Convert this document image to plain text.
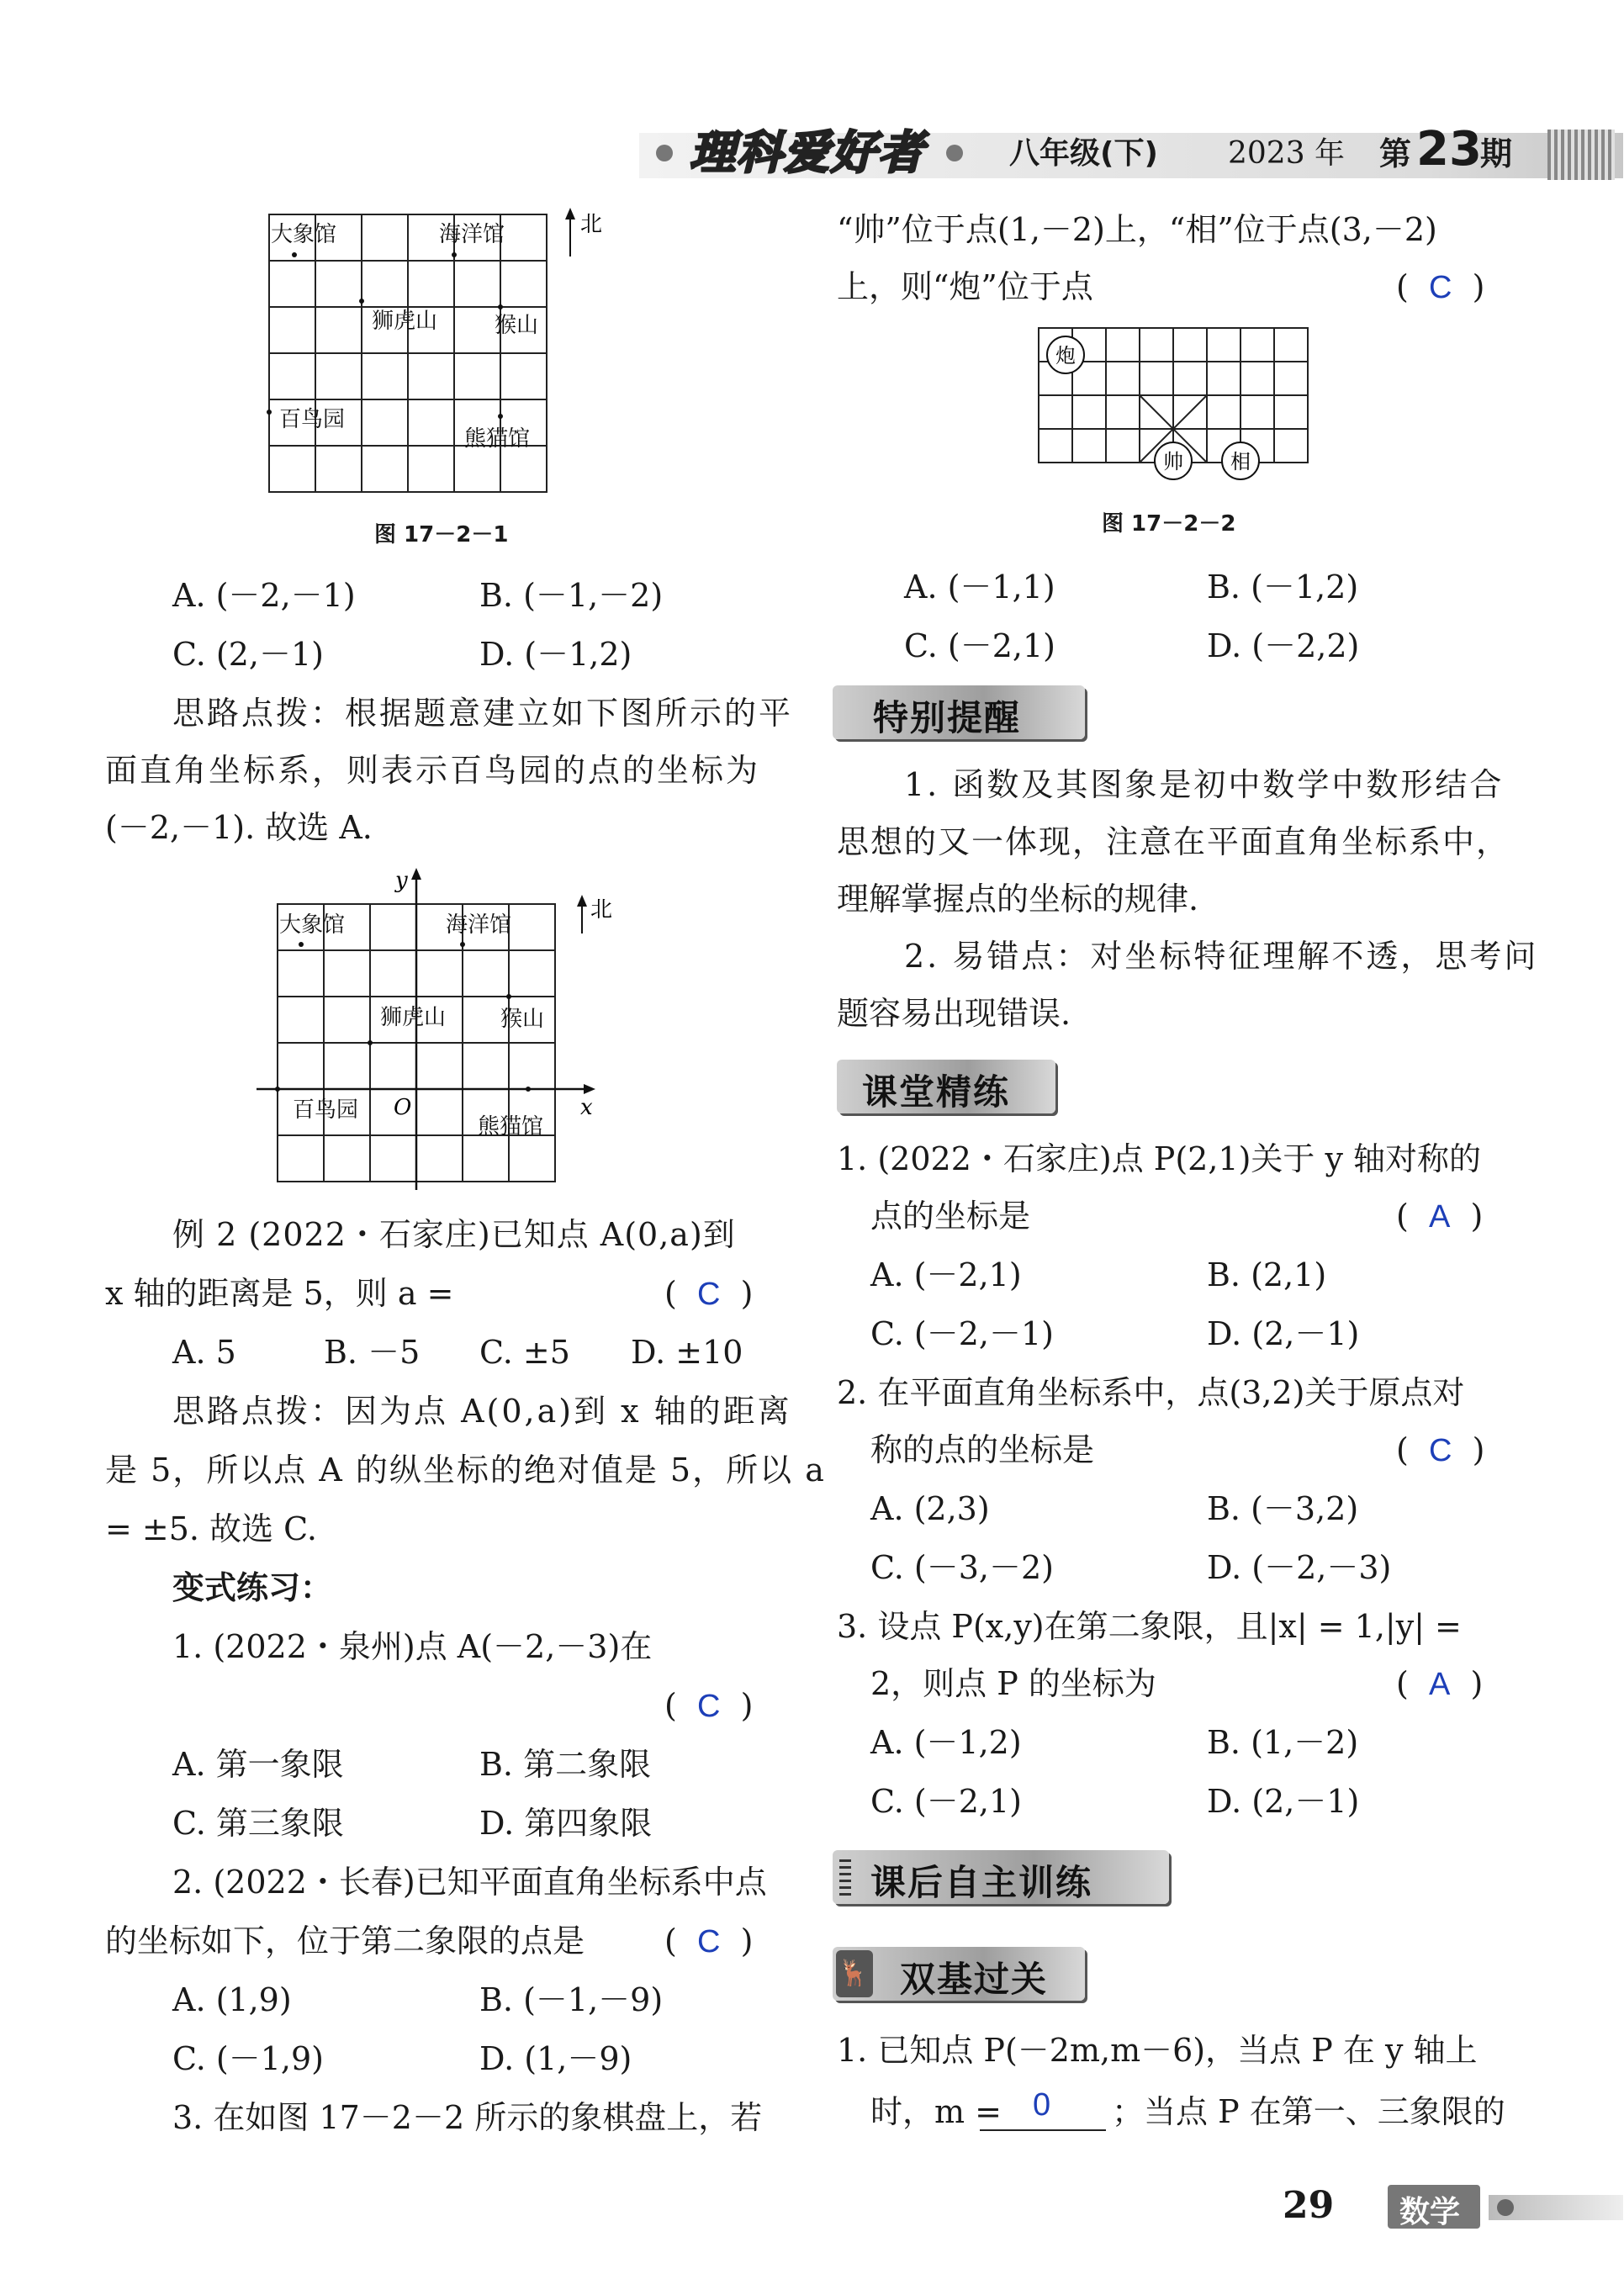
理科爱好者	八年级(下) 2023 年 第 23
期
大象馆	海洋馆
狮虎山	猴山
百鸟园
熊猫馆
北
图 17－2－1
A. (－2,－1)	B. (－1,－2)
C. (2,－1)	D. (－1,2)
思路点拨：根据题意建立如下图所示的平
面直角坐标系，则表示百鸟园的点的坐标为
(－2,－1). 故选 A.
y
x
O
大象馆	海洋馆
狮虎山 猴山
百鸟园
熊猫馆
北
例 2 (2022・石家庄)已知点 A(0,a)到
x 轴的距离是 5，则 a =	(  C  )
A. 5	B. －5 C. ±5 D. ±10
思路点拨：因为点 A(0,a)到 x 轴的距离
是 5，所以点 A 的纵坐标的绝对值是 5，所以 a
= ±5. 故选 C.
变式练习：
1. (2022・泉州)点 A(－2,－3)在
(  C  )
A. 第一象限	B. 第二象限
C. 第三象限	D. 第四象限
2. (2022・长春)已知平面直角坐标系中点
的坐标如下，位于第二象限的点是 (  C  )
A. (1,9)	B. (－1,－9)
C. (－1,9)	D. (1,－9)
3. 在如图 17－2－2 所示的象棋盘上，若
“帅”位于点(1,－2)上，“相”位于点(3,－2)
上，则“炮”位于点	(  C  )
炮
帅 相
图 17－2－2
A. (－1,1)	B. (－1,2)
C. (－2,1)	D. (－2,2)
特别提醒
1. 函数及其图象是初中数学中数形结合
思想的又一体现，注意在平面直角坐标系中，
理解掌握点的坐标的规律.
2. 易错点：对坐标特征理解不透，思考问
题容易出现错误.
课堂精练
1. (2022・石家庄)点 P(2,1)关于 y 轴对称的
点的坐标是	(  A  )
A. (－2,1)	B. (2,1)
C. (－2,－1)	D. (2,－1)
2. 在平面直角坐标系中，点(3,2)关于原点对
称的点的坐标是	(  C  )
A. (2,3)	B. (－3,2)
C. (－3,－2)	D. (－2,－3)
3. 设点 P(x,y)在第二象限，且|x| = 1,|y| =
2，则点 P 的坐标为	(  A  )
A. (－1,2)	B. (1,－2)
C. (－2,1)	D. (2,－1)
课后自主训练
🦌 双基过关
1. 已知点 P(－2m,m－6)，当点 P 在 y 轴上
时，m = 0 ；当点 P 在第一、三象限的
29 数学
